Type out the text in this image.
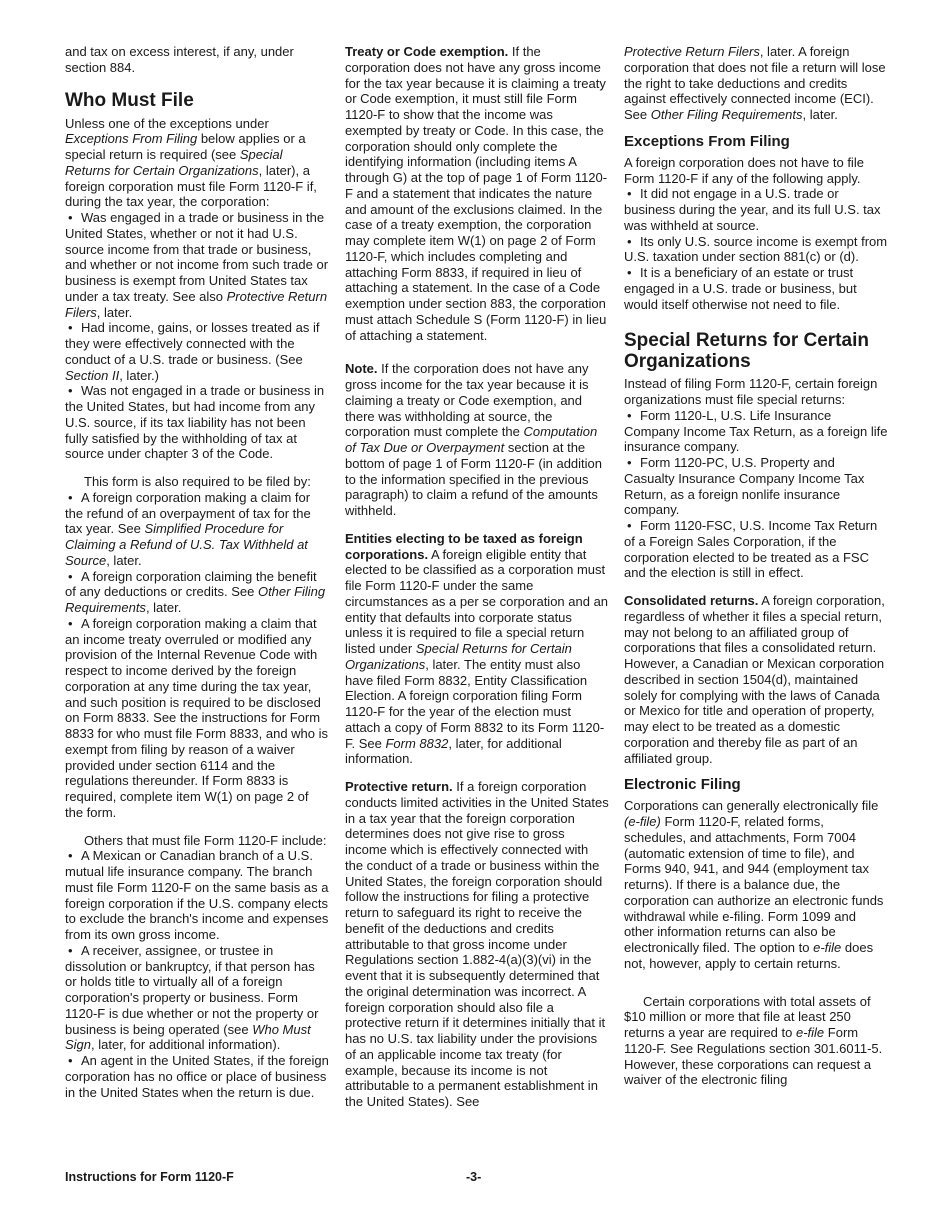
and tax on excess interest, if any, under section 884.

Who Must File

Unless one of the exceptions under Exceptions From Filing below applies or a special return is required (see Special Returns for Certain Organizations, later), a foreign corporation must file Form 1120-F if, during the tax year, the corporation:

• Was engaged in a trade or business in the United States, whether or not it had U.S. source income from that trade or business, and whether or not income from such trade or business is exempt from United States tax under a tax treaty. See also Protective Return Filers, later.

• Had income, gains, or losses treated as if they were effectively connected with the conduct of a U.S. trade or business. (See Section II, later.)

• Was not engaged in a trade or business in the United States, but had income from any U.S. source, if its tax liability has not been fully satisfied by the withholding of tax at source under chapter 3 of the Code.

This form is also required to be filed by:

• A foreign corporation making a claim for the refund of an overpayment of tax for the tax year. See Simplified Procedure for Claiming a Refund of U.S. Tax Withheld at Source, later.

• A foreign corporation claiming the benefit of any deductions or credits. See Other Filing Requirements, later.

• A foreign corporation making a claim that an income treaty overruled or modified any provision of the Internal Revenue Code with respect to income derived by the foreign corporation at any time during the tax year, and such position is required to be disclosed on Form 8833. See the instructions for Form 8833 for who must file Form 8833, and who is exempt from filing by reason of a waiver provided under section 6114 and the regulations thereunder. If Form 8833 is required, complete item W(1) on page 2 of the form.

Others that must file Form 1120-F include:

• A Mexican or Canadian branch of a U.S. mutual life insurance company. The branch must file Form 1120-F on the same basis as a foreign corporation if the U.S. company elects to exclude the branch's income and expenses from its own gross income.

• A receiver, assignee, or trustee in dissolution or bankruptcy, if that person has or holds title to virtually all of a foreign corporation's property or business. Form 1120-F is due whether or not the property or business is being operated (see Who Must Sign, later, for additional information).

• An agent in the United States, if the foreign corporation has no office or place of business in the United States when the return is due.

Treaty or Code exemption. If the corporation does not have any gross income for the tax year because it is claiming a treaty or Code exemption, it must still file Form 1120-F to show that the income was exempted by treaty or Code. In this case, the corporation should only complete the identifying information (including items A through G) at the top of page 1 of Form 1120-F and a statement that indicates the nature and amount of the exclusions claimed. In the case of a treaty exemption, the corporation may complete item W(1) on page 2 of Form 1120-F, which includes completing and attaching Form 8833, if required in lieu of attaching a statement. In the case of a Code exemption under section 883, the corporation must attach Schedule S (Form 1120-F) in lieu of attaching a statement.

Note. If the corporation does not have any gross income for the tax year because it is claiming a treaty or Code exemption, and there was withholding at source, the corporation must complete the Computation of Tax Due or Overpayment section at the bottom of page 1 of Form 1120-F (in addition to the information specified in the previous paragraph) to claim a refund of the amounts withheld.

Entities electing to be taxed as foreign corporations. A foreign eligible entity that elected to be classified as a corporation must file Form 1120-F under the same circumstances as a per se corporation and an entity that defaults into corporate status unless it is required to file a special return listed under Special Returns for Certain Organizations, later. The entity must also have filed Form 8832, Entity Classification Election. A foreign corporation filing Form 1120-F for the year of the election must attach a copy of Form 8832 to its Form 1120-F. See Form 8832, later, for additional information.

Protective return. If a foreign corporation conducts limited activities in the United States in a tax year that the foreign corporation determines does not give rise to gross income which is effectively connected with the conduct of a trade or business within the United States, the foreign corporation should follow the instructions for filing a protective return to safeguard its right to receive the benefit of the deductions and credits attributable to that gross income under Regulations section 1.882-4(a)(3)(vi) in the event that it is subsequently determined that the original determination was incorrect. A foreign corporation should also file a protective return if it determines initially that it has no U.S. tax liability under the provisions of an applicable income tax treaty (for example, because its income is not attributable to a permanent establishment in the United States). See

Protective Return Filers, later. A foreign corporation that does not file a return will lose the right to take deductions and credits against effectively connected income (ECI). See Other Filing Requirements, later.

Exceptions From Filing

A foreign corporation does not have to file Form 1120-F if any of the following apply.

• It did not engage in a U.S. trade or business during the year, and its full U.S. tax was withheld at source.

• Its only U.S. source income is exempt from U.S. taxation under section 881(c) or (d).

• It is a beneficiary of an estate or trust engaged in a U.S. trade or business, but would itself otherwise not need to file.

Special Returns for Certain Organizations

Instead of filing Form 1120-F, certain foreign organizations must file special returns:

• Form 1120-L, U.S. Life Insurance Company Income Tax Return, as a foreign life insurance company.

• Form 1120-PC, U.S. Property and Casualty Insurance Company Income Tax Return, as a foreign nonlife insurance company.

• Form 1120-FSC, U.S. Income Tax Return of a Foreign Sales Corporation, if the corporation elected to be treated as a FSC and the election is still in effect.

Consolidated returns. A foreign corporation, regardless of whether it files a special return, may not belong to an affiliated group of corporations that files a consolidated return. However, a Canadian or Mexican corporation described in section 1504(d), maintained solely for complying with the laws of Canada or Mexico for title and operation of property, may elect to be treated as a domestic corporation and thereby file as part of an affiliated group.

Electronic Filing

Corporations can generally electronically file (e-file) Form 1120-F, related forms, schedules, and attachments, Form 7004 (automatic extension of time to file), and Forms 940, 941, and 944 (employment tax returns). If there is a balance due, the corporation can authorize an electronic funds withdrawal while e-filing. Form 1099 and other information returns can also be electronically filed. The option to e-file does not, however, apply to certain returns.

Certain corporations with total assets of $10 million or more that file at least 250 returns a year are required to e-file Form 1120-F. See Regulations section 301.6011-5. However, these corporations can request a waiver of the electronic filing

Instructions for Form 1120-F	-3-
